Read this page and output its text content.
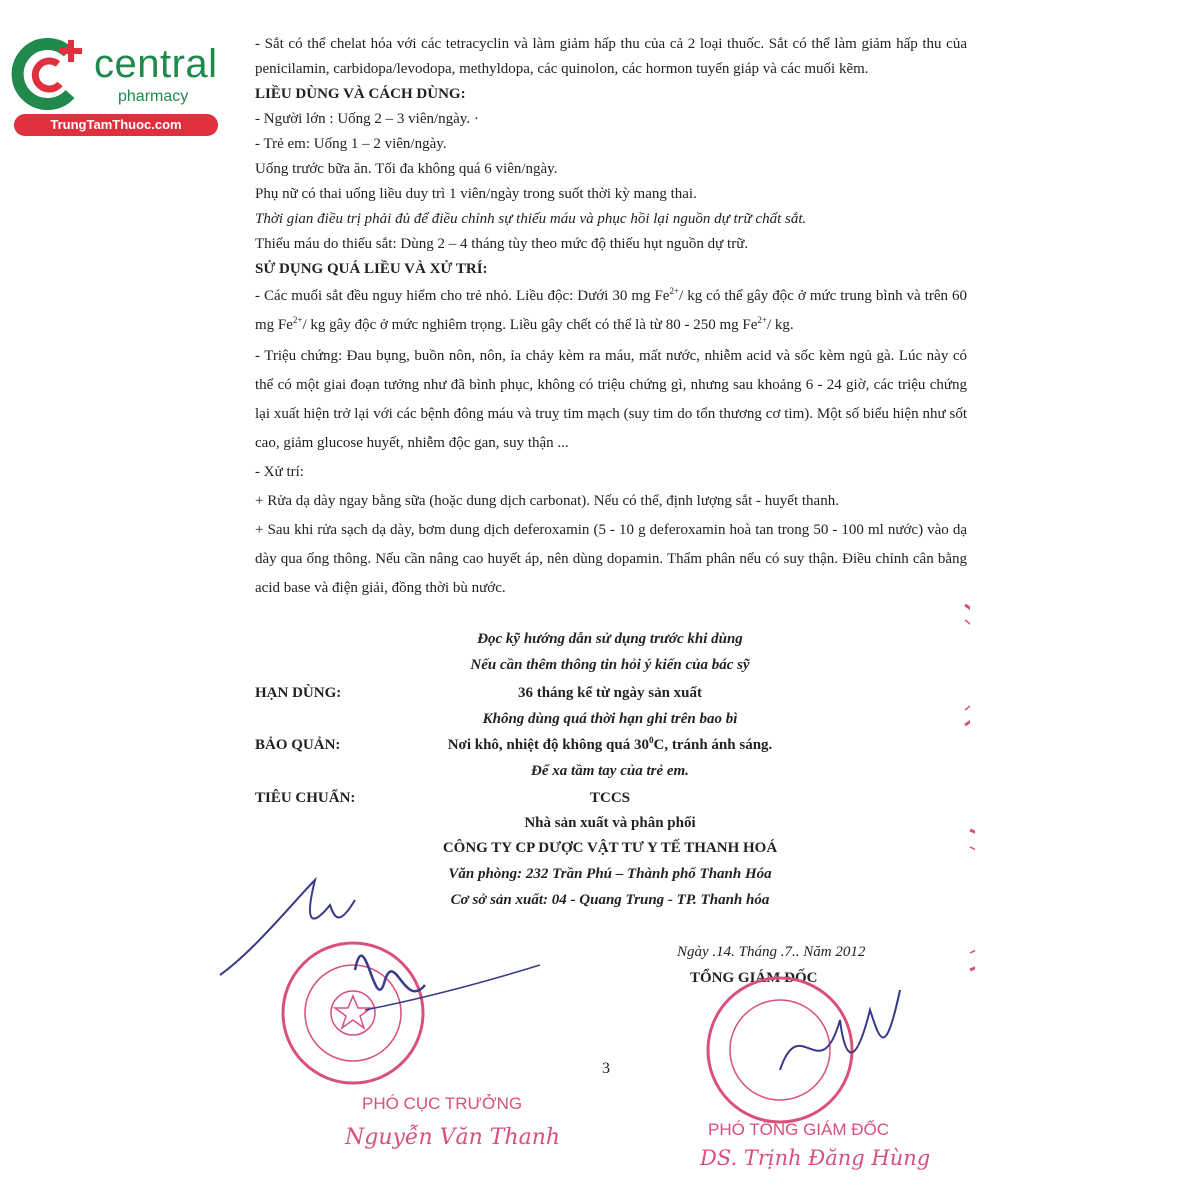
central
pharmacy
TrungTamThuoc.com

- Sắt có thể chelat hóa với các tetracyclin và làm giảm hấp thu của cả 2 loại thuốc. Sắt có thể làm giảm hấp thu của penicilamin, carbidopa/levodopa, methyldopa, các quinolon, các hormon tuyến giáp và các muối kẽm.

LIỀU DÙNG VÀ CÁCH DÙNG:

- Người lớn : Uống 2 – 3 viên/ngày. ·

- Trẻ em: Uống 1 – 2 viên/ngày.

Uống trước bữa ăn. Tối đa không quá 6 viên/ngày.

Phụ nữ có thai uống liều duy trì 1 viên/ngày trong suốt thời kỳ mang thai.

Thời gian điều trị phải đủ để điều chỉnh sự thiếu máu và phục hồi lại nguồn dự trữ chất sắt.

Thiếu máu do thiếu sắt: Dùng 2 – 4 tháng tùy theo mức độ thiếu hụt nguồn dự trữ.

SỬ DỤNG QUÁ LIỀU VÀ XỬ TRÍ:

- Các muối sắt đều nguy hiểm cho trẻ nhỏ. Liều độc: Dưới 30 mg $Fe^{2+}/$ kg có thể gây độc ở mức trung bình và trên 60 mg $Fe^{2+}/$ kg gây độc ở mức nghiêm trọng. Liều gây chết có thể là từ 80 - 250 mg $Fe^{2+}/$ kg.

- Triệu chứng: Đau bụng, buồn nôn, nôn, ỉa chảy kèm ra máu, mất nước, nhiễm acid và sốc kèm ngủ gà. Lúc này có thể có một giai đoạn tưởng như đã bình phục, không có triệu chứng gì, nhưng sau khoảng 6 - 24 giờ, các triệu chứng lại xuất hiện trở lại với các bệnh đông máu và truỵ tim mạch (suy tim do tổn thương cơ tim). Một số biểu hiện như sốt cao, giảm glucose huyết, nhiễm độc gan, suy thận ...

- Xử trí:

+ Rửa dạ dày ngay bằng sữa (hoặc dung dịch carbonat). Nếu có thể, định lượng sắt - huyết thanh.

+ Sau khi rửa sạch dạ dày, bơm dung dịch deferoxamin (5 - 10 g deferoxamin hoà tan trong 50 - 100 ml nước) vào dạ dày qua ống thông. Nếu cần nâng cao huyết áp, nên dùng dopamin. Thẩm phân nếu có suy thận. Điều chỉnh cân bằng acid base và điện giải, đồng thời bù nước.

Đọc kỹ hướng dẫn sử dụng trước khi dùng
Nếu cần thêm thông tin hỏi ý kiến của bác sỹ
HẠN DÙNG:	36 tháng kể từ ngày sản xuất
Không dùng quá thời hạn ghi trên bao bì
BẢO QUẢN:	Nơi khô, nhiệt độ không quá $30^0C$, tránh ánh sáng.
Để xa tầm tay của trẻ em.
TIÊU CHUẨN:	TCCS
Nhà sản xuất và phân phối
CÔNG TY CP DƯỢC VẬT TƯ Y TẾ THANH HOÁ
Văn phòng: 232 Trần Phú – Thành phố Thanh Hóa
Cơ sở sản xuất: 04 - Quang Trung - TP. Thanh hóa
Ngày .14. Tháng .7.. Năm 2012
TỔNG GIÁM ĐỐC
3
PHÓ CỤC TRƯỞNG
Nguyễn Văn Thanh	PHÓ TỔNG GIÁM ĐỐC
DS. Trịnh Đăng Hùng
